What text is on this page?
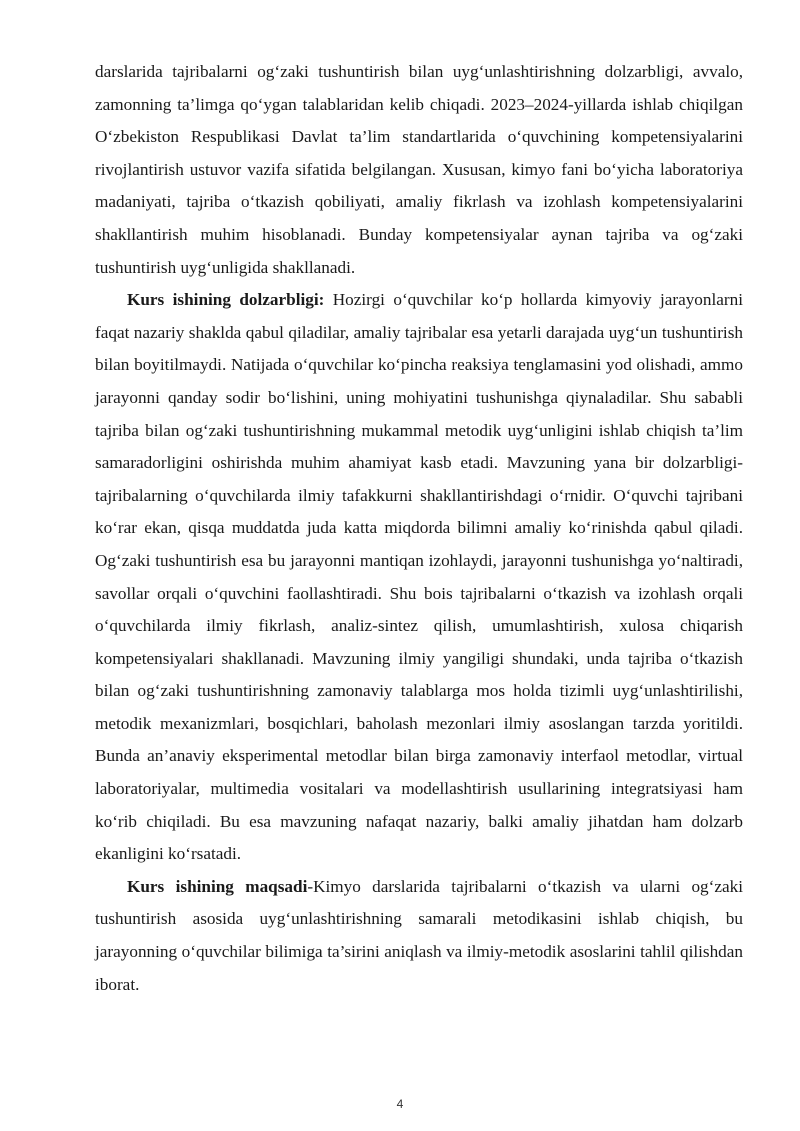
darslarida tajribalarni og‘zaki tushuntirish bilan uyg‘unlashtirishning dolzarbligi, avvalo, zamonning ta’limga qo‘ygan talablaridan kelib chiqadi. 2023–2024-yillarda ishlab chiqilgan O‘zbekiston Respublikasi Davlat ta’lim standartlarida o‘quvchining kompetensiyalarini rivojlantirish ustuvor vazifa sifatida belgilangan. Xususan, kimyo fani bo‘yicha laboratoriya madaniyati, tajriba o‘tkazish qobiliyati, amaliy fikrlash va izohlash kompetensiyalarini shakllantirish muhim hisoblanadi. Bunday kompetensiyalar aynan tajriba va og‘zaki tushuntirish uyg‘unligida shakllanadi.

Kurs ishining dolzarbligi: Hozirgi o‘quvchilar ko‘p hollarda kimyoviy jarayonlarni faqat nazariy shaklda qabul qiladilar, amaliy tajribalar esa yetarli darajada uyg‘un tushuntirish bilan boyitilmaydi. Natijada o‘quvchilar ko‘pincha reaksiya tenglamasini yod olishadi, ammo jarayonni qanday sodir bo‘lishini, uning mohiyatini tushunishga qiynaladilar. Shu sababli tajriba bilan og‘zaki tushuntirishning mukammal metodik uyg‘unligini ishlab chiqish ta’lim samaradorligini oshirishda muhim ahamiyat kasb etadi. Mavzuning yana bir dolzarbligi-tajribalarning o‘quvchilarda ilmiy tafakkurni shakllantirishdagi o‘rnidir. O‘quvchi tajribani ko‘rar ekan, qisqa muddatda juda katta miqdorda bilimni amaliy ko‘rinishda qabul qiladi. Og‘zaki tushuntirish esa bu jarayonni mantiqan izohlaydi, jarayonni tushunishga yo‘naltiradi, savollar orqali o‘quvchini faollashtiradi. Shu bois tajribalarni o‘tkazish va izohlash orqali o‘quvchilarda ilmiy fikrlash, analiz-sintez qilish, umumlashtirish, xulosa chiqarish kompetensiyalari shakllanadi. Mavzuning ilmiy yangiligi shundaki, unda tajriba o‘tkazish bilan og‘zaki tushuntirishning zamonaviy talablarga mos holda tizimli uyg‘unlashtirilishi, metodik mexanizmlari, bosqichlari, baholash mezonlari ilmiy asoslangan tarzda yoritildi. Bunda an’anaviy eksperimental metodlar bilan birga zamonaviy interfaol metodlar, virtual laboratoriyalar, multimedia vositalari va modellashtirish usullarining integratsiyasi ham ko‘rib chiqiladi. Bu esa mavzuning nafaqat nazariy, balki amaliy jihatdan ham dolzarb ekanligini ko‘rsatadi.

Kurs ishining maqsadi-Kimyo darslarida tajribalarni o‘tkazish va ularni og‘zaki tushuntirish asosida uyg‘unlashtirishning samarali metodikasini ishlab chiqish, bu jarayonning o‘quvchilar bilimiga ta’sirini aniqlash va ilmiy-metodik asoslarini tahlil qilishdan iborat.

4
